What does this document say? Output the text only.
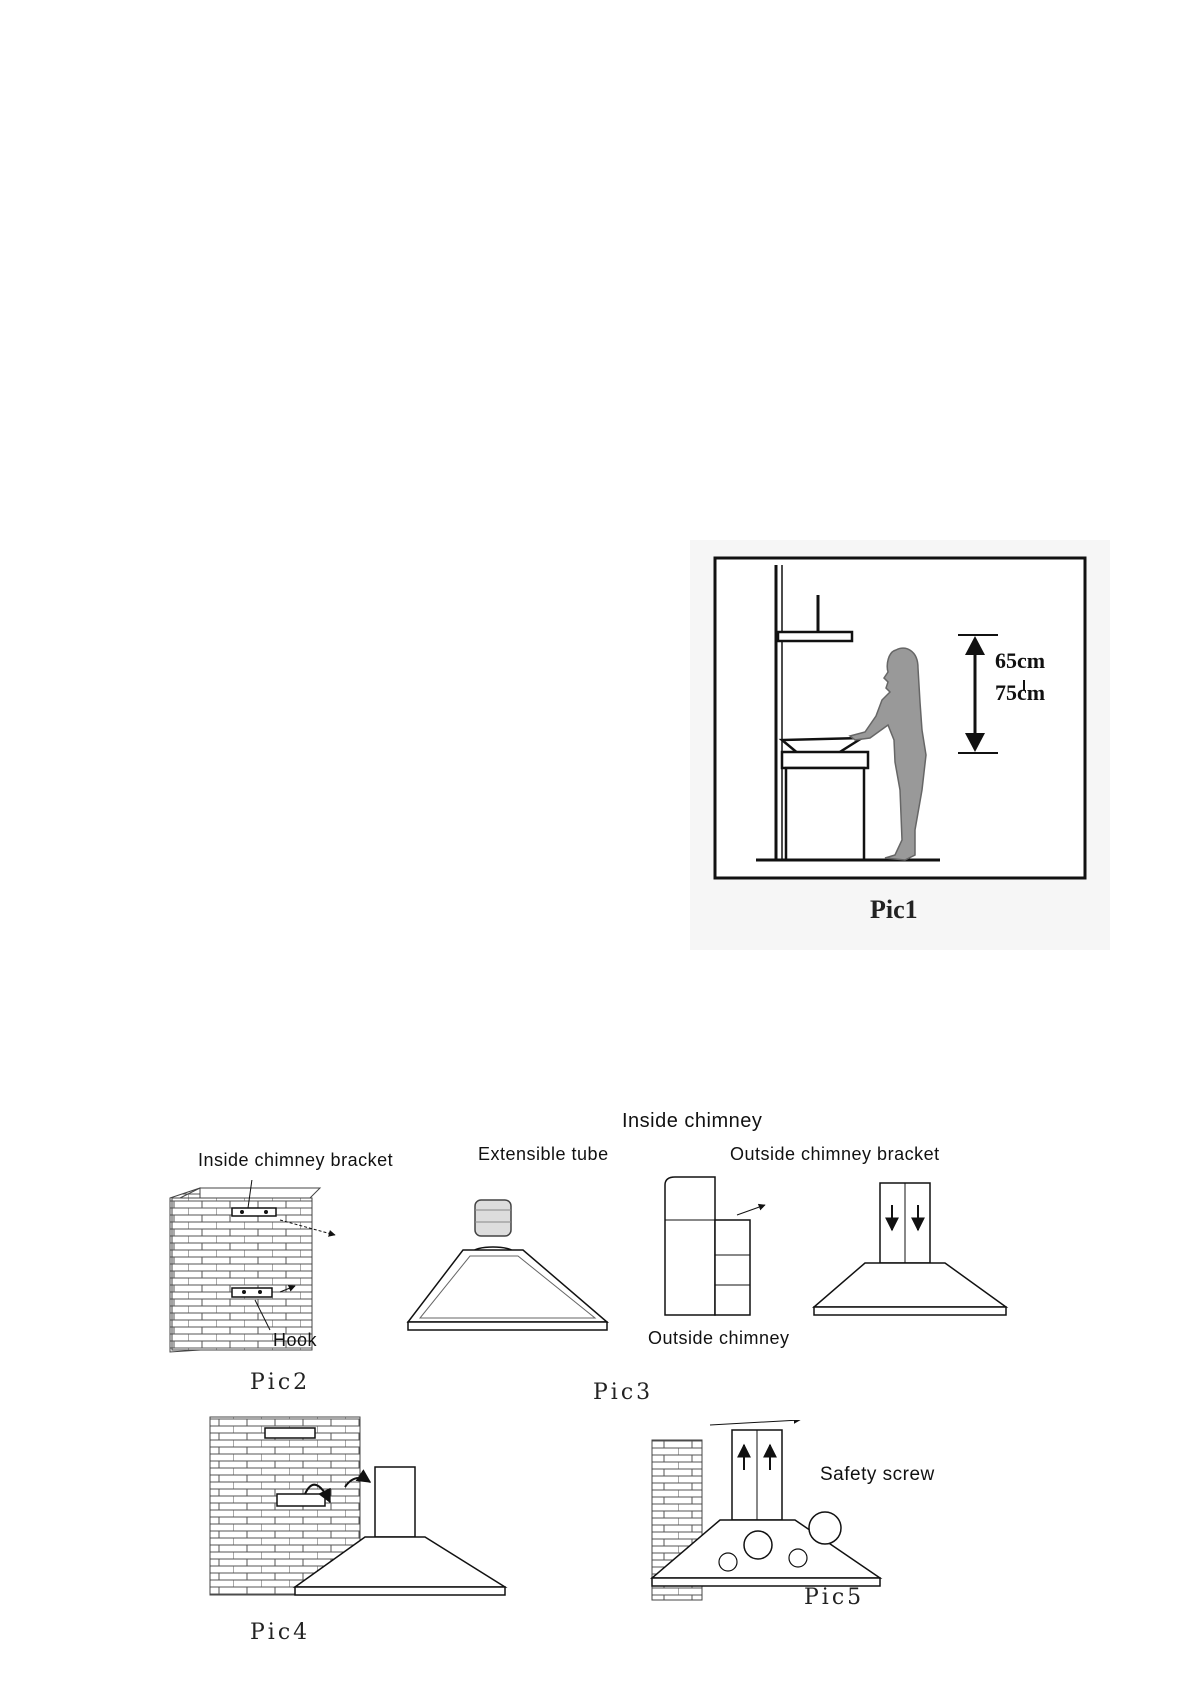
65cm
75cm
Pic1
Inside chimney bracket
Hook
Pic2
Extensible tube
Inside chimney
Outside chimney bracket
Outside chimney
Pic3
Pic4
Safety screw
Pic5
